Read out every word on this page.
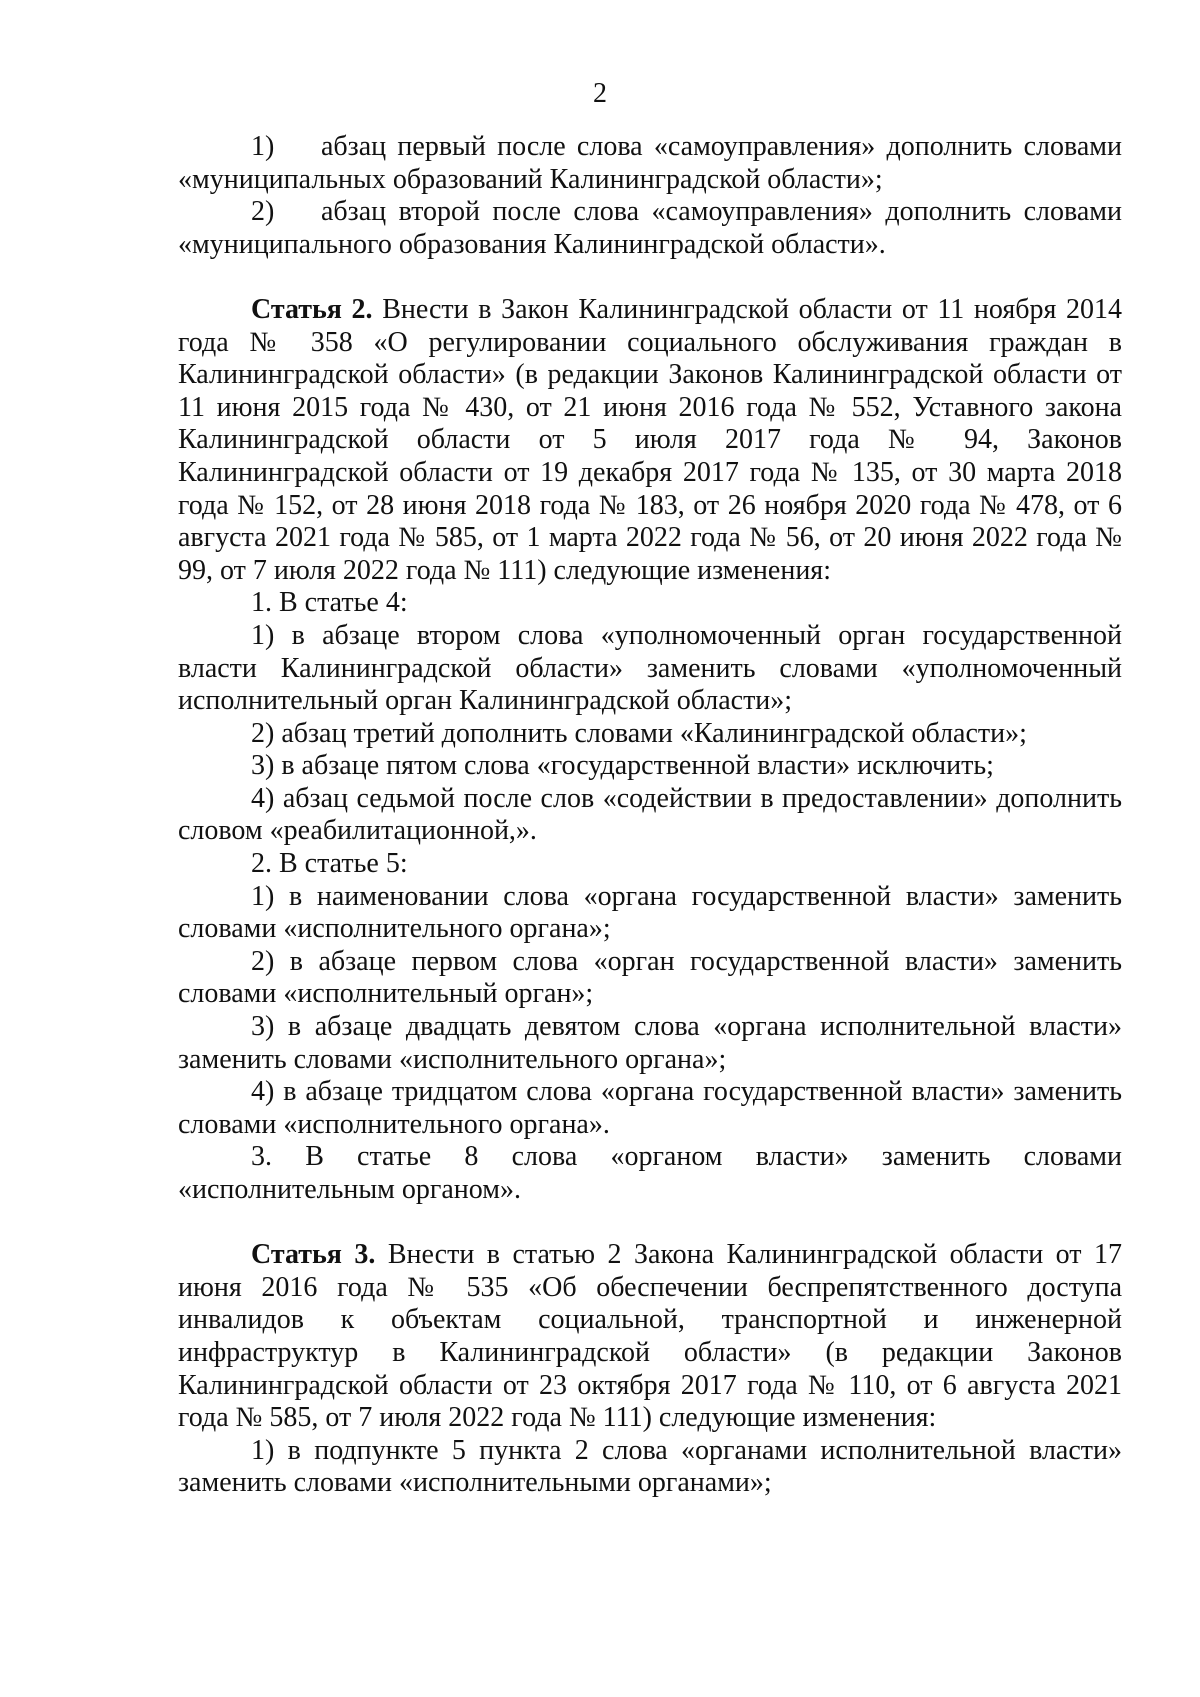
2

1) абзац первый после слова «самоуправления» дополнить словами «муниципальных образований Калининградской области»;

2) абзац второй после слова «самоуправления» дополнить словами «муниципального образования Калининградской области».

Статья 2. Внести в Закон Калининградской области от 11 ноября 2014 года № 358 «О регулировании социального обслуживания граждан в Калининградской области» (в редакции Законов Калининградской области от 11 июня 2015 года № 430, от 21 июня 2016 года № 552, Уставного закона Калининградской области от 5 июля 2017 года № 94, Законов Калининградской области от 19 декабря 2017 года № 135, от 30 марта 2018 года № 152, от 28 июня 2018 года № 183, от 26 ноября 2020 года № 478, от 6 августа 2021 года № 585, от 1 марта 2022 года № 56, от 20 июня 2022 года № 99, от 7 июля 2022 года № 111) следующие изменения:

1. В статье 4:

1) в абзаце втором слова «уполномоченный орган государственной власти Калининградской области» заменить словами «уполномоченный исполнительный орган Калининградской области»;

2) абзац третий дополнить словами «Калининградской области»;

3) в абзаце пятом слова «государственной власти» исключить;

4) абзац седьмой после слов «содействии в предоставлении» дополнить словом «реабилитационной,».

2. В статье 5:

1) в наименовании слова «органа государственной власти» заменить словами «исполнительного органа»;

2) в абзаце первом слова «орган государственной власти» заменить словами «исполнительный орган»;

3) в абзаце двадцать девятом слова «органа исполнительной власти» заменить словами «исполнительного органа»;

4) в абзаце тридцатом слова «органа государственной власти» заменить словами «исполнительного органа».

3. В статье 8 слова «органом власти» заменить словами «исполнительным органом».

Статья 3. Внести в статью 2 Закона Калининградской области от 17 июня 2016 года № 535 «Об обеспечении беспрепятственного доступа инвалидов к объектам социальной, транспортной и инженерной инфраструктур в Калининградской области» (в редакции Законов Калининградской области от 23 октября 2017 года № 110, от 6 августа 2021 года № 585, от 7 июля 2022 года № 111) следующие изменения:

1) в подпункте 5 пункта 2 слова «органами исполнительной власти» заменить словами «исполнительными органами»;
